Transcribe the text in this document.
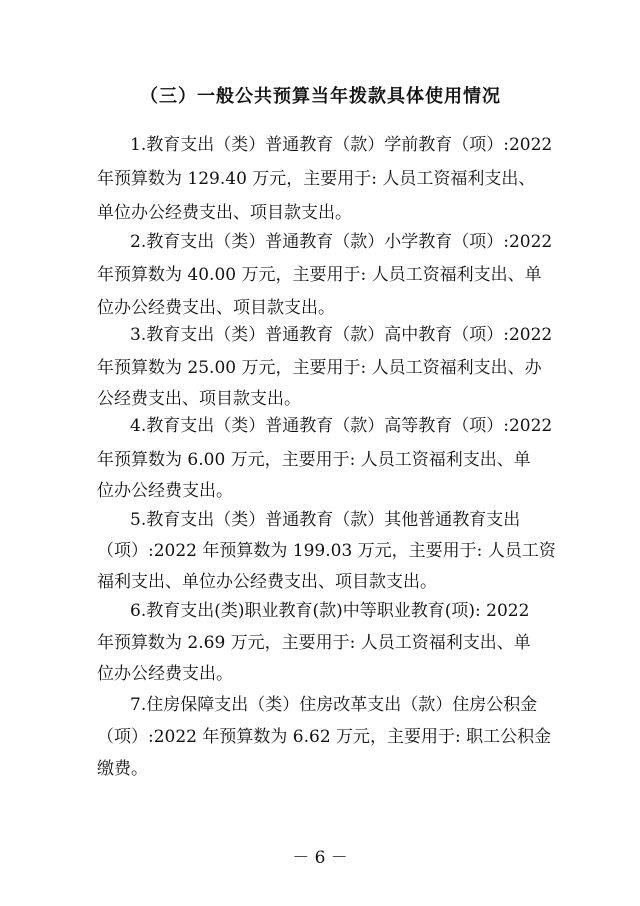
（三）一般公共预算当年拨款具体使用情况
1.教育支出（类）普通教育（款）学前教育（项）:2022
年预算数为 129.40 万元，主要用于: 人员工资福利支出、
单位办公经费支出、项目款支出。
2.教育支出（类）普通教育（款）小学教育（项）:2022
年预算数为 40.00 万元，主要用于: 人员工资福利支出、单
位办公经费支出、项目款支出。
3.教育支出（类）普通教育（款）高中教育（项）:2022
年预算数为 25.00 万元，主要用于: 人员工资福利支出、办
公经费支出、项目款支出。
4.教育支出（类）普通教育（款）高等教育（项）:2022
年预算数为 6.00 万元，主要用于: 人员工资福利支出、单
位办公经费支出。
5.教育支出（类）普通教育（款）其他普通教育支出
（项）:2022 年预算数为 199.03 万元，主要用于: 人员工资
福利支出、单位办公经费支出、项目款支出。
6.教育支出(类)职业教育(款)中等职业教育(项): 2022
年预算数为 2.69 万元，主要用于: 人员工资福利支出、单
位办公经费支出。
7.住房保障支出（类）住房改革支出（款）住房公积金
（项）:2022 年预算数为 6.62 万元，主要用于: 职工公积金
缴费。
－ 6 －
